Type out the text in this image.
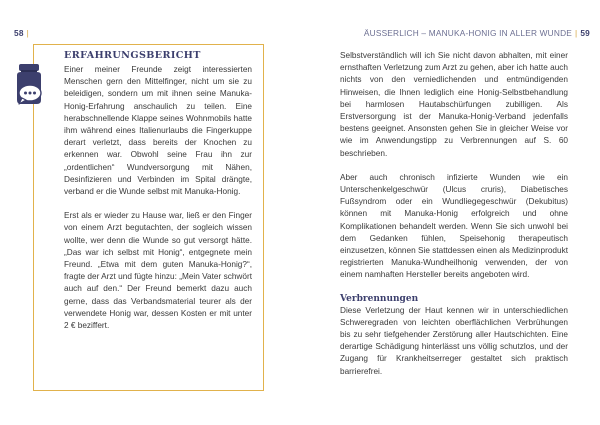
58 |	ÄUSSERLICH – MANUKA-HONIG IN ALLER WUNDE | 59
ERFAHRUNGSBERICHT

Einer meiner Freunde zeigt interessierten Menschen gern den Mittelfinger, nicht um sie zu beleidigen, sondern um mit ihnen seine Manuka-Honig-Erfahrung anschaulich zu teilen. Eine herabschnellende Klappe seines Wohnmobils hatte ihm während eines Italienurlaubs die Fingerkuppe derart verletzt, dass bereits der Knochen zu erkennen war. Obwohl seine Frau ihn zur „ordentlichen“ Wundversorgung mit Nähen, Desinfizieren und Verbinden im Spital drängte, verband er die Wunde selbst mit Manuka-Honig.

Erst als er wieder zu Hause war, ließ er den Finger von einem Arzt begutachten, der sogleich wissen wollte, wer denn die Wunde so gut versorgt hätte. „Das war ich selbst mit Honig“, entgegnete mein Freund. „Etwa mit dem guten Manuka-Honig?“, fragte der Arzt und fügte hinzu: „Mein Vater schwört auch auf den.“ Der Freund bemerkt dazu auch gerne, dass das Verbandsmaterial teurer als der verwendete Honig war, dessen Kosten er mit unter 2 € beziffert.

Selbstverständlich will ich Sie nicht davon abhalten, mit einer ernsthaften Verletzung zum Arzt zu gehen, aber ich hatte auch nichts von den verniedlichenden und entmündigenden Hinweisen, die Ihnen lediglich eine Honig-Selbstbehandlung bei harmlosen Hautabschürfungen zubilligen. Als Erstversorgung ist der Manuka-Honig-Verband jedenfalls bestens geeignet. Ansonsten gehen Sie in gleicher Weise vor wie im Anwendungstipp zu Verbrennungen auf S. 60 beschrieben.

Aber auch chronisch infizierte Wunden wie ein Unterschenkelgeschwür (Ulcus cruris), Diabetisches Fußsyndrom oder ein Wundliegegeschwür (Dekubitus) können mit Manuka-Honig erfolgreich und ohne Komplikationen behandelt werden. Wenn Sie sich unwohl bei dem Gedanken fühlen, Speisehonig therapeutisch einzusetzen, können Sie stattdessen einen als Medizinprodukt registrierten Manuka-Wundheilhonig verwenden, der von einem namhaften Hersteller bereits angeboten wird.

Verbrennungen

Diese Verletzung der Haut kennen wir in unterschiedlichen Schweregraden von leichten oberflächlichen Verbrühungen bis zu sehr tiefgehender Zerstörung aller Hautschichten. Eine derartige Schädigung hinterlässt uns völlig schutzlos, und der Zugang für Krankheitserreger gestaltet sich praktisch barrierefrei.
